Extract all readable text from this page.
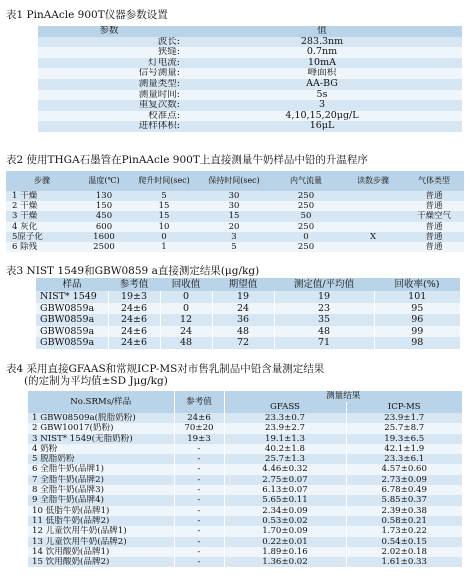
表1 PinAAcle 900T仪器参数设置
参数	值
波长:	283.3nm
狭缝:	0.7nm
灯电流:	10mA
信号测量:	峰面积
测量类型:	AA-BG
测量时间:	5s
重复次数:	3
校准点:	4,10,15,20μg/L
进样体积:	16μL
表2 使用THGA石墨管在PinAAcle 900T上直接测量牛奶样品中铅的升温程序
步骤	温度(℃)	爬升时间(sec)	保持时间(sec)	内气流量	读数步骤	气体类型
1 干燥	130	5	30	250		普通
2 干燥	150	15	30	250		普通
3 干燥	450	15	15	50		干燥空气
4 灰化	600	10	20	250		普通
5原子化	1600	0	3	0	X	普通
6 除残	2500	1	5	250		普通
表3 NIST 1549和GBW0859 a直接测定结果(μg/kg)
样品	参考值	回收值	期望值	测定值/平均值	回收率(%)
NIST* 1549	19±3	0	19	19	101
GBW0859a	24±6	0	24	23	95
GBW0859a	24±6	12	36	35	96
GBW0859a	24±6	24	48	48	99
GBW0859a	24±6	48	72	71	98
表4 采用直接GFAAS和常规ICP-MS对市售乳制品中铅含量测定结果
(的定制为平均值±SD Jμg/kg)
No.SRMs/样品	参考值	测量结果	
		GFASS	ICP-MS
1 GBW08509a(脱脂奶粉)	24±6	23.3±0.7	23.9±1.7
2 GBW10017(奶粉)	70±20	23.9±2.7	25.7±8.7
3 NIST* 1549(无脂奶粉)	19±3	19.1±1.3	19.3±6.5
4 奶粉	-	40.2±1.8	42.1±1.9
5 脱脂奶粉	-	25.7±1.3	23.3±6.1
6 全脂牛奶(品牌1)	-	4.46±0.32	4.57±0.60
7 全脂牛奶(品牌2)	-	2.75±0.07	2.73±0.09
8 全脂牛奶(品牌3)	-	6.13±0.07	6.78±0.49
9 全脂牛奶(品牌4)	-	5.65±0.11	5.85±0.37
10 低脂牛奶(品牌1)	-	2.34±0.09	2.39±0.38
11 低脂牛奶(品牌2)	-	0.53±0.02	0.58±0.21
12 儿童饮用牛奶(品牌1)	-	1.70±0.09	1.73±0.22
13 儿童饮用牛奶(品牌2)	-	0.22±0.01	0.54±0.15
14 饮用酸奶(品牌1)	-	1.89±0.16	2.02±0.18
15 饮用酸奶(品牌2)	-	1.36±0.02	1.61±0.33
